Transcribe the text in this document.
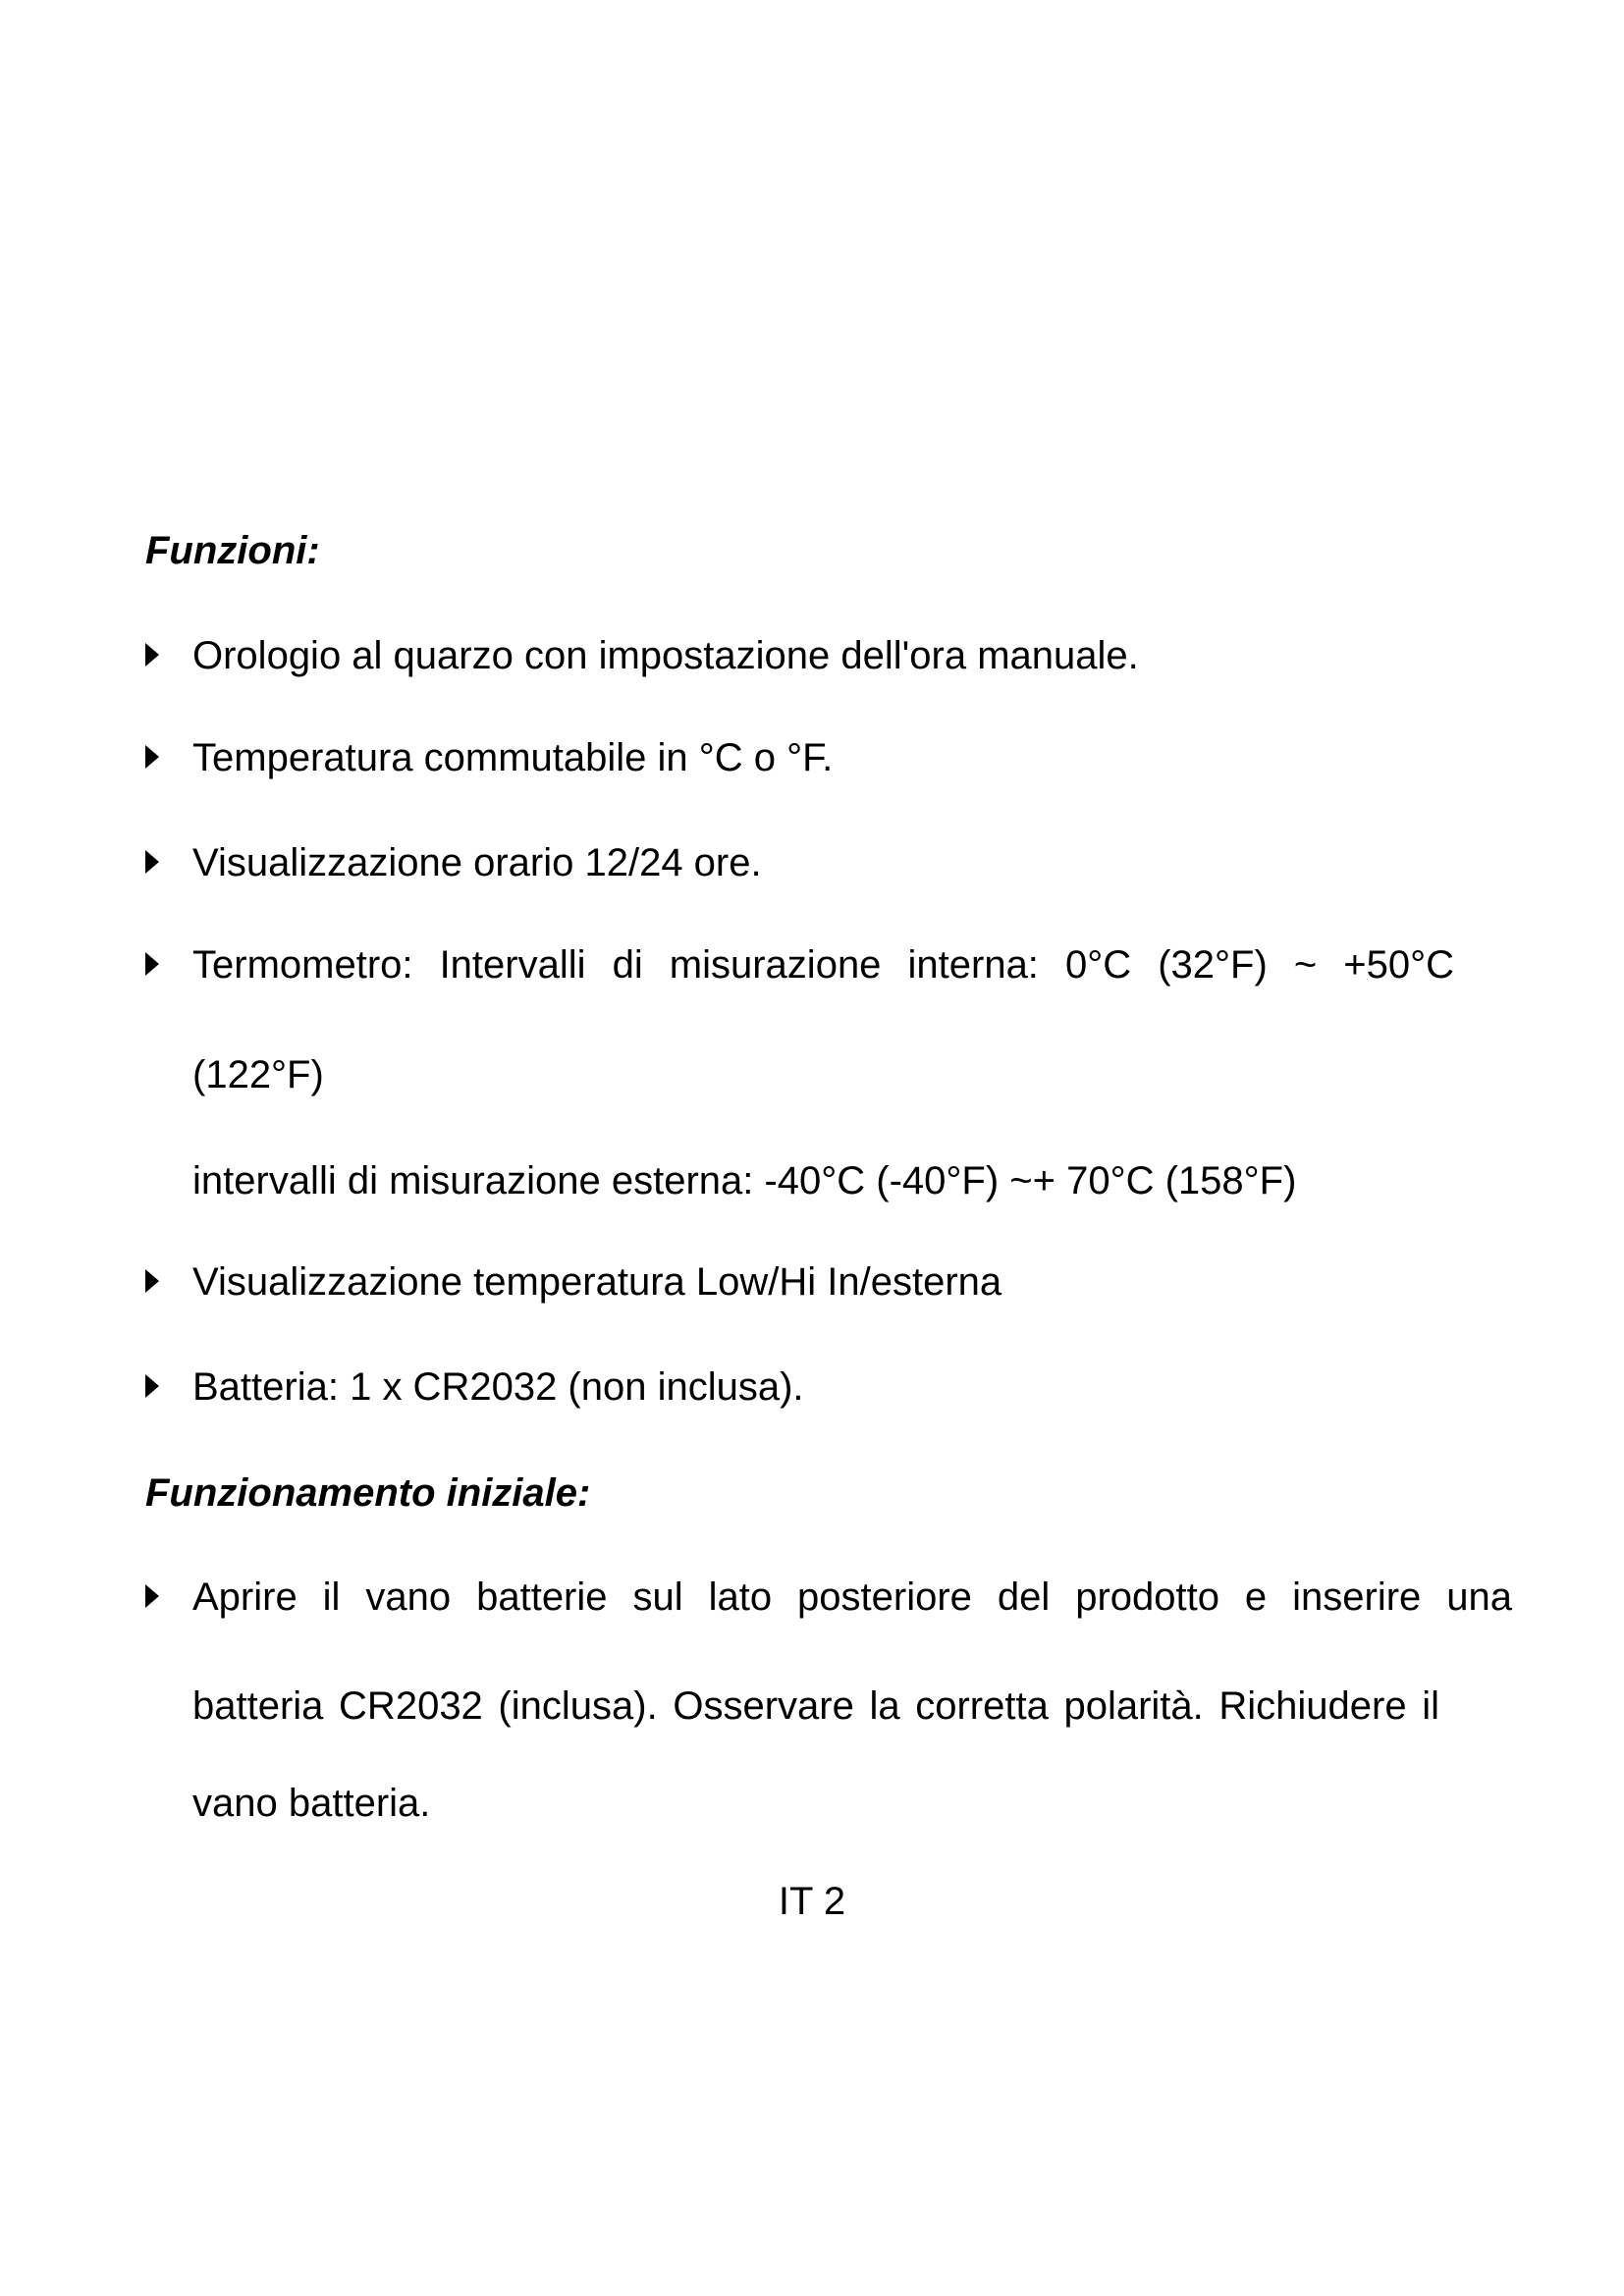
Funzioni:
Orologio al quarzo con impostazione dell'ora manuale.
Temperatura commutabile in °C o °F.
Visualizzazione orario 12/24 ore.
Termometro: Intervalli di misurazione interna: 0°C (32°F) ~ +50°C
(122°F)
intervalli di misurazione esterna: -40°C (-40°F) ~+ 70°C (158°F)
Visualizzazione temperatura Low/Hi In/esterna
Batteria: 1 x CR2032 (non inclusa).
Funzionamento iniziale:
Aprire il vano batterie sul lato posteriore del prodotto e inserire una
batteria CR2032 (inclusa). Osservare la corretta polarità. Richiudere il
vano batteria.
IT 2
